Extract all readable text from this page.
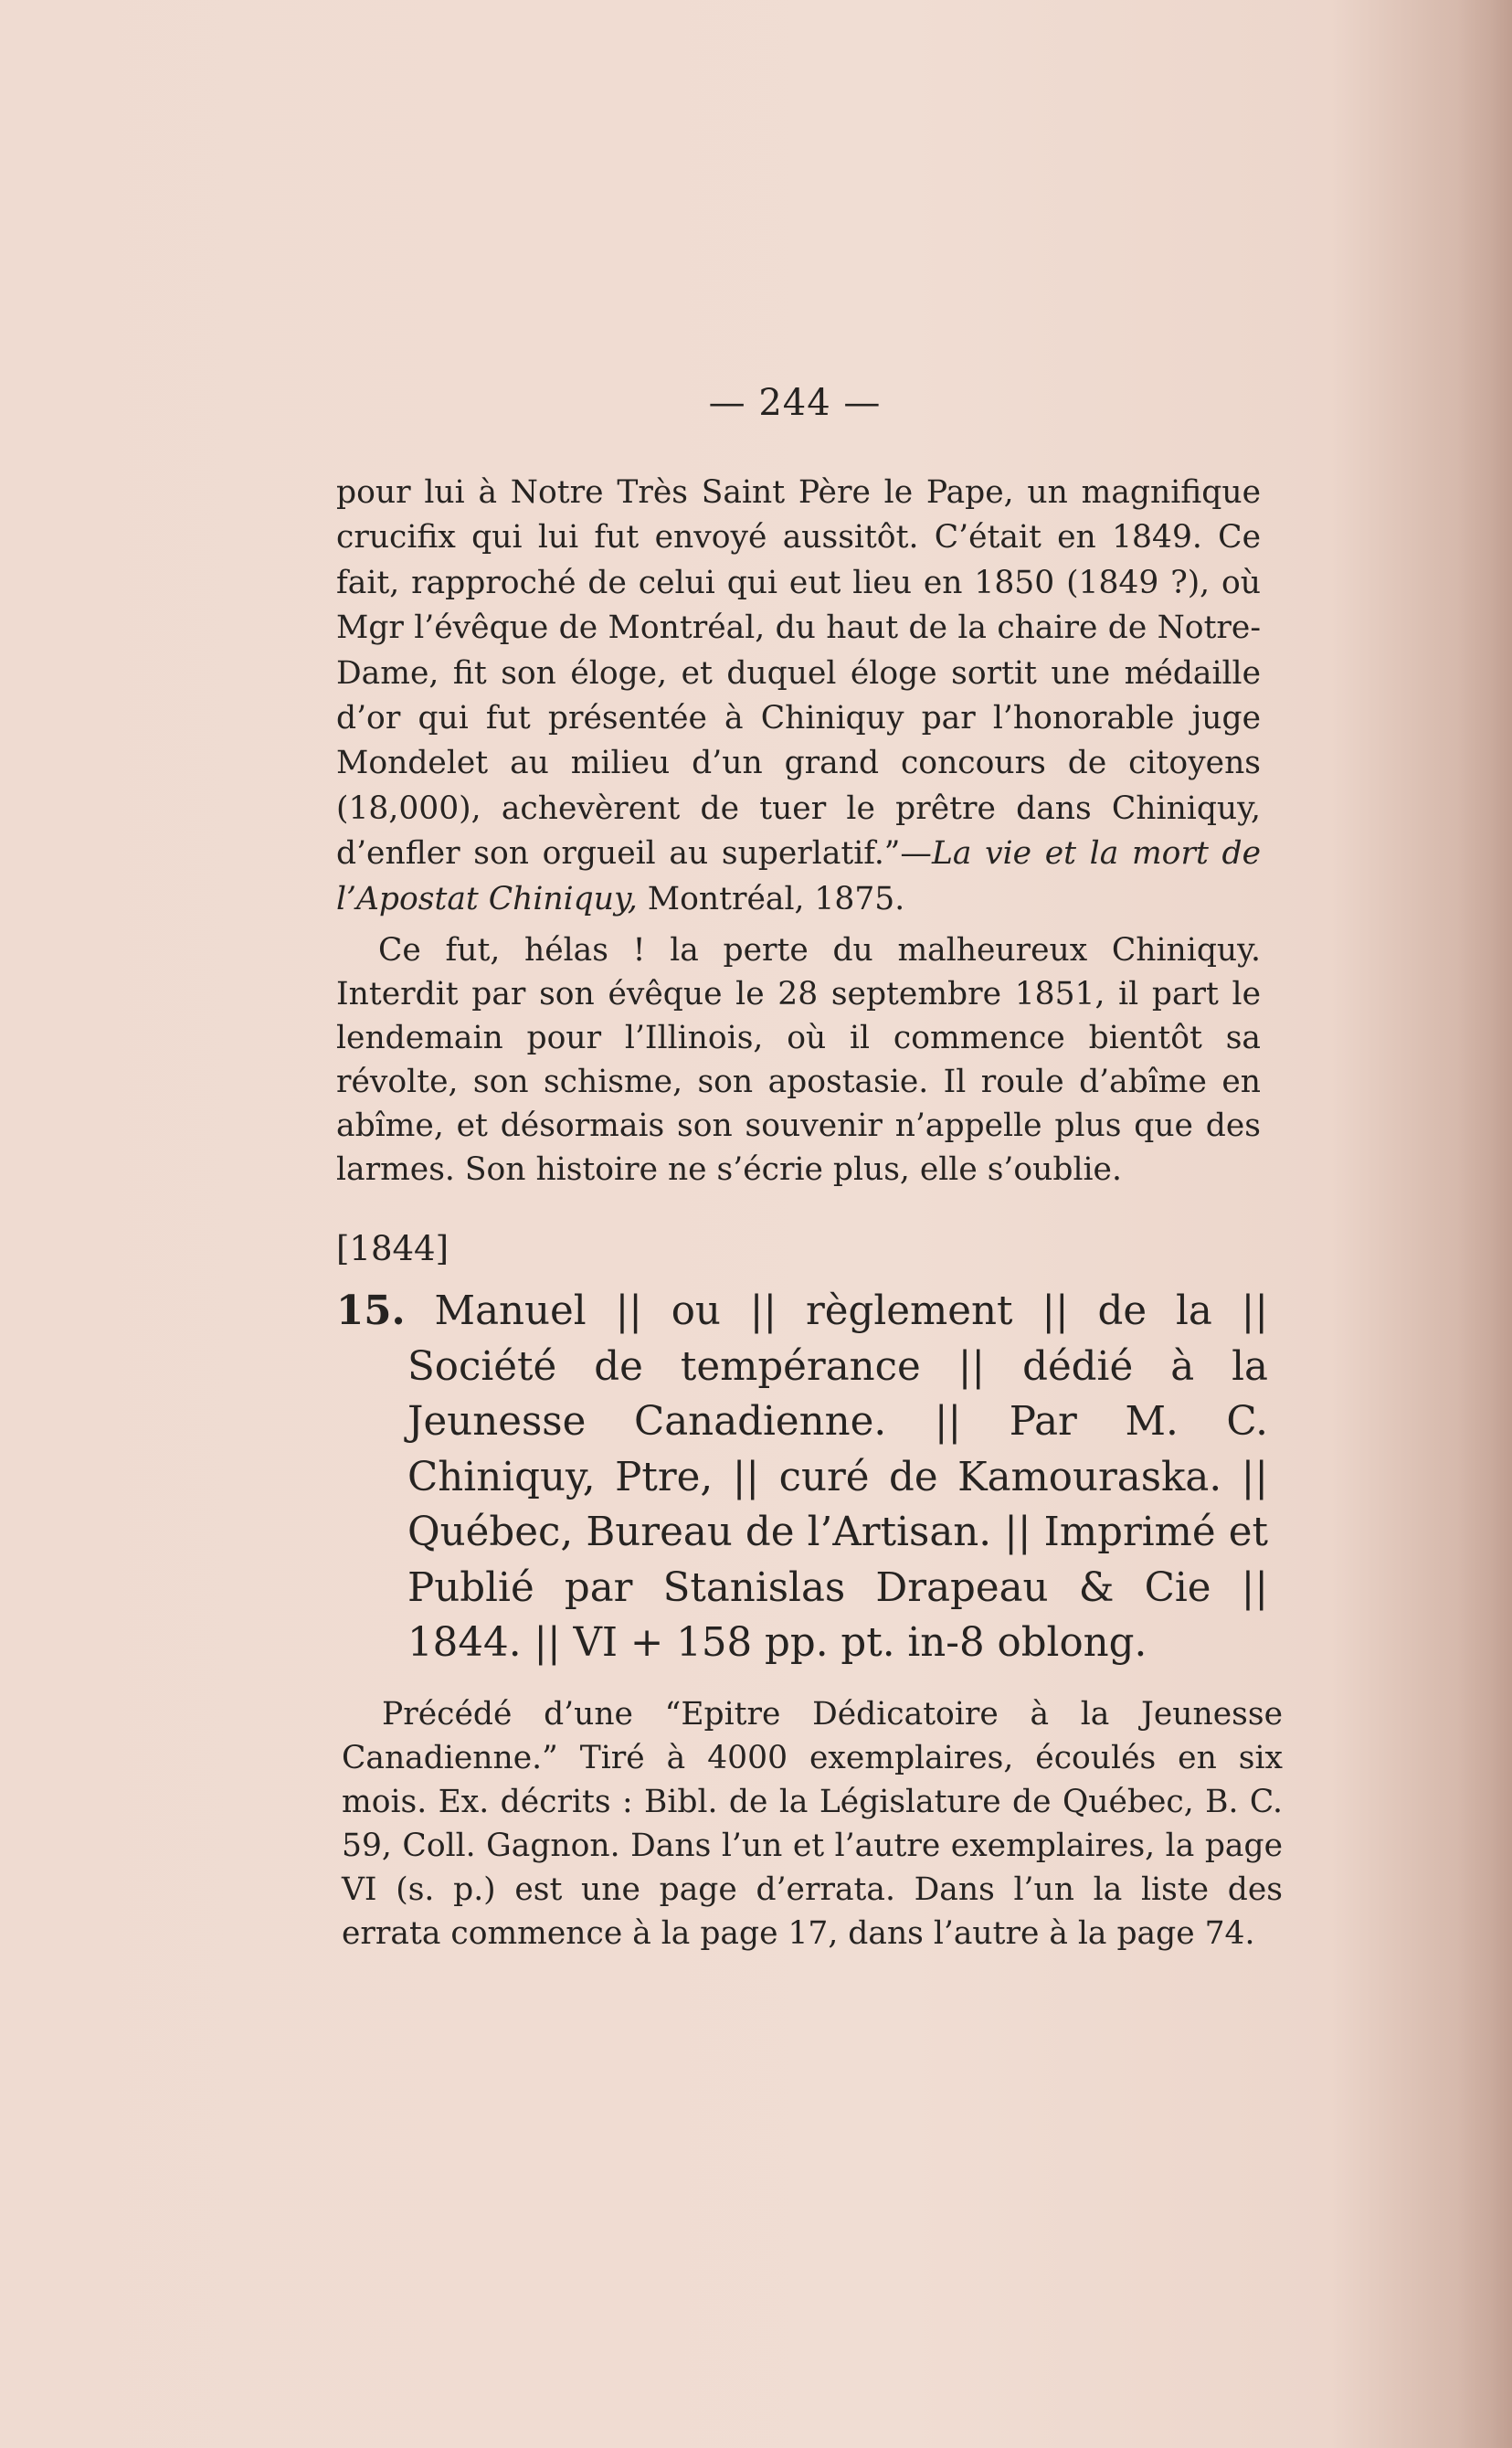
— 244 —
pour lui à Notre Très Saint Père le Pape, un magnifique crucifix qui lui fut envoyé aussitôt. C’était en 1849. Ce fait, rapproché de celui qui eut lieu en 1850 (1849 ?), où Mgr l’évêque de Montréal, du haut de la chaire de Notre-Dame, fit son éloge, et duquel éloge sortit une médaille d’or qui fut présentée à Chiniquy par l’honorable juge Mondelet au milieu d’un grand concours de citoyens (18,000), achevèrent de tuer le prêtre dans Chiniquy, d’enfler son orgueil au superlatif.”—La vie et la mort de l’Apostat Chiniquy, Montréal, 1875.
Ce fut, hélas ! la perte du malheureux Chiniquy. Interdit par son évêque le 28 septembre 1851, il part le lendemain pour l’Illinois, où il commence bientôt sa révolte, son schisme, son apostasie. Il roule d’abîme en abîme, et désormais son souvenir n’appelle plus que des larmes. Son histoire ne s’écrie plus, elle s’oublie.
[1844]
15. Manuel || ou || règlement || de la || Société de tempérance || dédié à la Jeunesse Canadienne. || Par M. C. Chiniquy, Ptre, || curé de Kamouraska. || Québec, Bureau de l’Artisan. || Imprimé et Publié par Stanislas Drapeau & Cie || 1844. || VI + 158 pp. pt. in-8 oblong.
Précédé d’une “Epitre Dédicatoire à la Jeunesse Canadienne.” Tiré à 4000 exemplaires, écoulés en six mois. Ex. décrits : Bibl. de la Législature de Québec, B. C. 59, Coll. Gagnon. Dans l’un et l’autre exemplaires, la page VI (s. p.) est une page d’errata. Dans l’un la liste des errata commence à la page 17, dans l’autre à la page 74.
